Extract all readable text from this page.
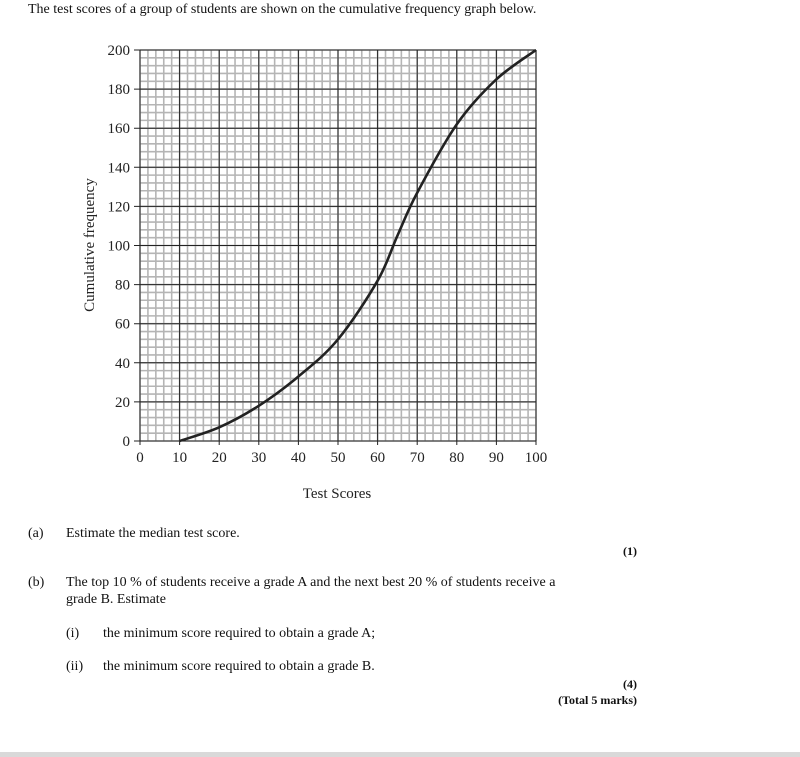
The test scores of a group of students are shown on the cumulative frequency graph below.
0 10 20 30 40 50 60 70 80 90 100
0
20
40
60
80
100
120
140
160
180
200
Test Scores
Cumulative frequency
(a) Estimate the median test score.
(1)
(b) The top 10 % of students receive a grade A and the next best 20 % of students receive a
grade B. Estimate
(i) the minimum score required to obtain a grade A;
(ii) the minimum score required to obtain a grade B.
(4)
(Total 5 marks)
